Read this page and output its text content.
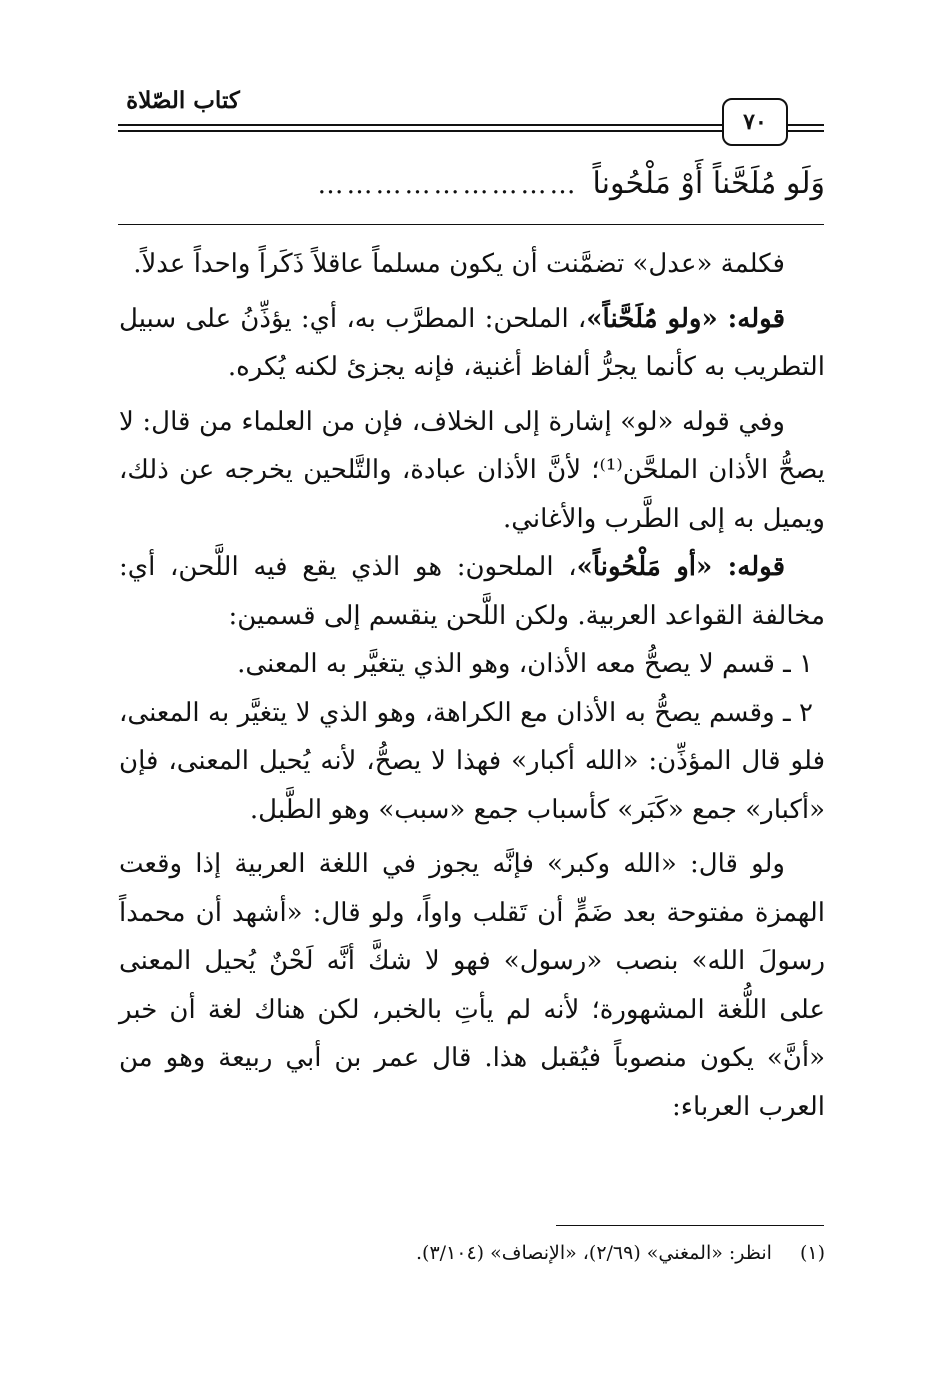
كتاب الصّلاة
٧٠
وَلَو مُلَحَّناً أَوْ مَلْحُوناً………………………

فكلمة «عدل» تضمَّنت أن يكون مسلماً عاقلاً ذَكَراً واحداً عدلاً.

قوله: «ولو مُلَحَّناً»، الملحن: المطرَّب به، أي: يؤذِّنُ على سبيل التطريب به كأنما يجرُّ ألفاظ أغنية، فإنه يجزئ لكنه يُكره.

وفي قوله «لو» إشارة إلى الخلاف، فإن من العلماء من قال: لا يصحُّ الأذان الملحَّن⁽¹⁾؛ لأنَّ الأذان عبادة، والتَّلحين يخرجه عن ذلك، ويميل به إلى الطَّرب والأغاني.

قوله: «أو مَلْحُوناً»، الملحون: هو الذي يقع فيه اللَّحن، أي: مخالفة القواعد العربية. ولكن اللَّحن ينقسم إلى قسمين:

١ ـ قسم لا يصحُّ معه الأذان، وهو الذي يتغيَّر به المعنى.

٢ ـ وقسم يصحُّ به الأذان مع الكراهة، وهو الذي لا يتغيَّر به المعنى، فلو قال المؤذِّن: «الله أكبار» فهذا لا يصحُّ، لأنه يُحيل المعنى، فإن «أكبار» جمع «كَبَر» كأسباب جمع «سبب» وهو الطَّبل.

ولو قال: «الله وكبر» فإنَّه يجوز في اللغة العربية إذا وقعت الهمزة مفتوحة بعد ضَمٍّ أن تَقلب واواً، ولو قال: «أشهد أن محمداً رسولَ الله» بنصب «رسول» فهو لا شكَّ أنَّه لَحْنٌ يُحيل المعنى على اللُّغة المشهورة؛ لأنه لم يأتِ بالخبر، لكن هناك لغة أن خبر «أنَّ» يكون منصوباً فيُقبل هذا. قال عمر بن أبي ربيعة وهو من العرب العرباء:

(١)انظر: «المغني» (٢/٦٩)، «الإنصاف» (٣/١٠٤).
